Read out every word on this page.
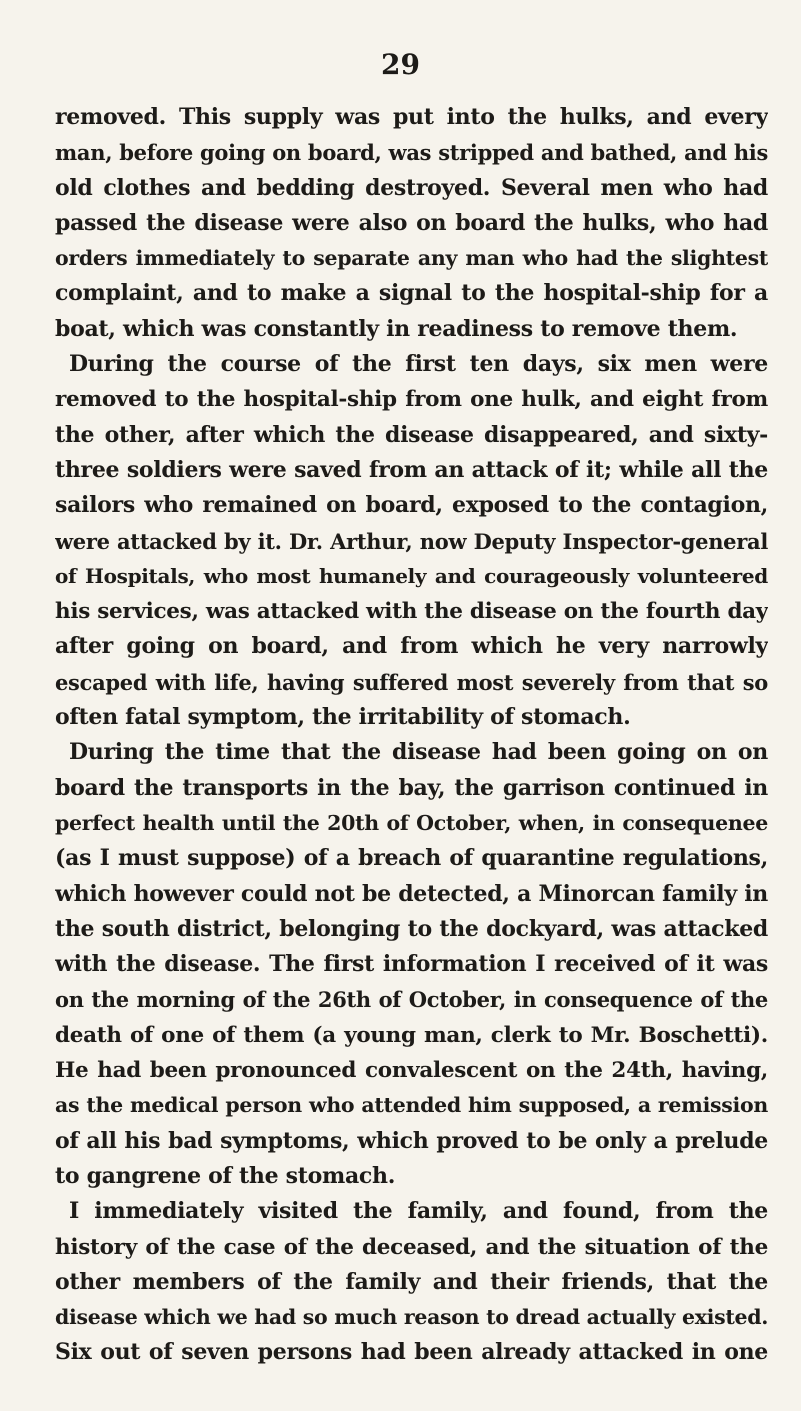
29
removed. This supply was put into the hulks, and every
man, before going on board, was stripped and bathed, and his
old clothes and bedding destroyed. Several men who had
passed the disease were also on board the hulks, who had
orders immediately to separate any man who had the slightest
complaint, and to make a signal to the hospital-ship for a
boat, which was constantly in readiness to remove them.
During the course of the first ten days, six men were
removed to the hospital-ship from one hulk, and eight from
the other, after which the disease disappeared, and sixty-
three soldiers were saved from an attack of it; while all the
sailors who remained on board, exposed to the contagion,
were attacked by it. Dr. Arthur, now Deputy Inspector-general
of Hospitals, who most humanely and courageously volunteered
his services, was attacked with the disease on the fourth day
after going on board, and from which he very narrowly
escaped with life, having suffered most severely from that so
often fatal symptom, the irritability of stomach.
During the time that the disease had been going on on
board the transports in the bay, the garrison continued in
perfect health until the 20th of October, when, in consequenee
(as I must suppose) of a breach of quarantine regulations,
which however could not be detected, a Minorcan family in
the south district, belonging to the dockyard, was attacked
with the disease. The first information I received of it was
on the morning of the 26th of October, in consequence of the
death of one of them (a young man, clerk to Mr. Boschetti).
He had been pronounced convalescent on the 24th, having,
as the medical person who attended him supposed, a remission
of all his bad symptoms, which proved to be only a prelude
to gangrene of the stomach.
I immediately visited the family, and found, from the
history of the case of the deceased, and the situation of the
other members of the family and their friends, that the
disease which we had so much reason to dread actually existed.
Six out of seven persons had been already attacked in one
